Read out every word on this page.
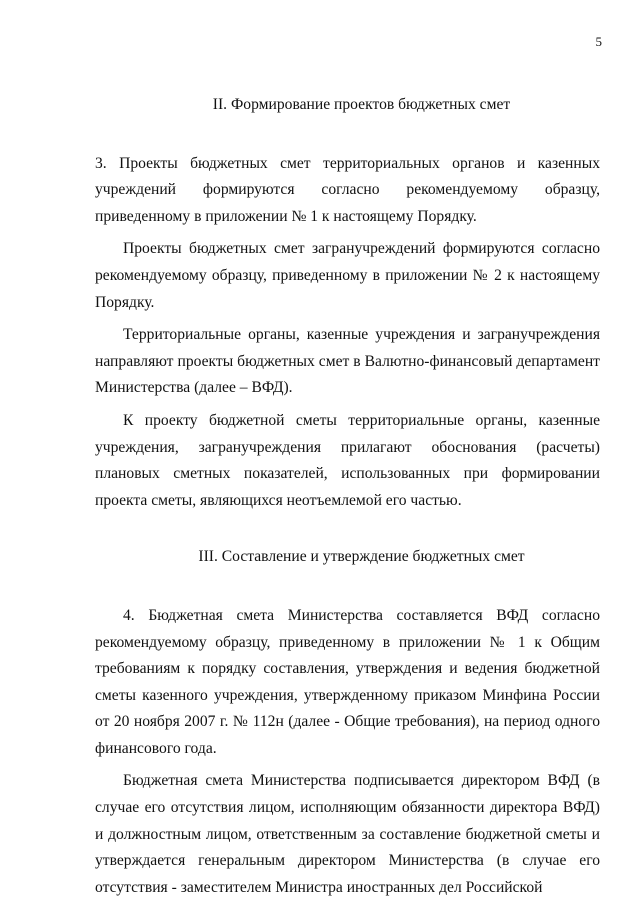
5
II. Формирование проектов бюджетных смет

3. Проекты бюджетных смет территориальных органов и казенных учреждений формируются согласно рекомендуемому образцу, приведенному в приложении № 1 к настоящему Порядку.

Проекты бюджетных смет загранучреждений формируются согласно рекомендуемому образцу, приведенному в приложении № 2 к настоящему Порядку.

Территориальные органы, казенные учреждения и загранучреждения направляют проекты бюджетных смет в Валютно-финансовый департамент Министерства (далее – ВФД).

К проекту бюджетной сметы территориальные органы, казенные учреждения, загранучреждения прилагают обоснования (расчеты) плановых сметных показателей, использованных при формировании проекта сметы, являющихся неотъемлемой его частью.

III. Составление и утверждение бюджетных смет

4. Бюджетная смета Министерства составляется ВФД согласно рекомендуемому образцу, приведенному в приложении № 1 к Общим требованиям к порядку составления, утверждения и ведения бюджетной сметы казенного учреждения, утвержденному приказом Минфина России от 20 ноября 2007 г. № 112н (далее - Общие требования), на период одного финансового года.

Бюджетная смета Министерства подписывается директором ВФД (в случае его отсутствия лицом, исполняющим обязанности директора ВФД) и должностным лицом, ответственным за составление бюджетной сметы и утверждается генеральным директором Министерства (в случае его отсутствия - заместителем Министра иностранных дел Российской
